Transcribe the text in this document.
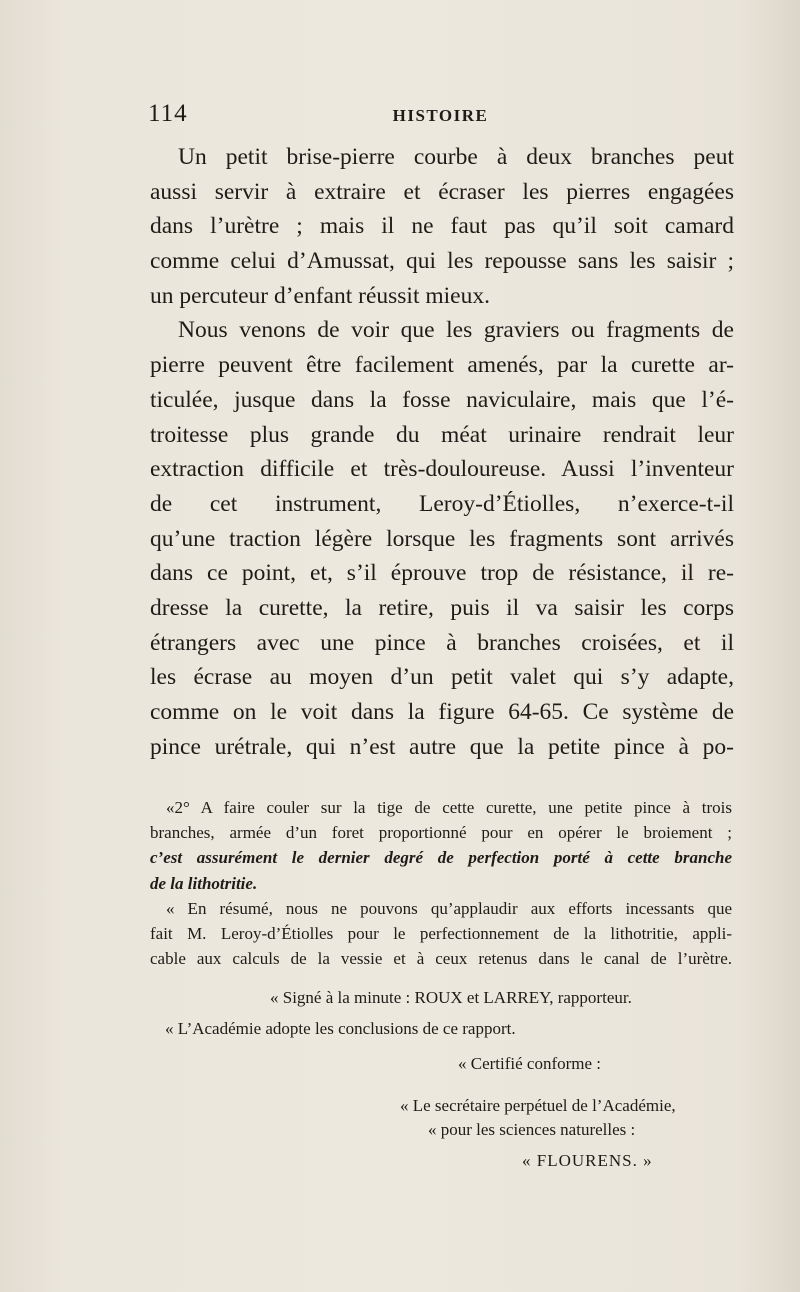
114	HISTOIRE
Un petit brise-pierre courbe à deux branches peut
aussi servir à extraire et écraser les pierres engagées
dans l’urètre ; mais il ne faut pas qu’il soit camard
comme celui d’Amussat, qui les repousse sans les saisir ;
un percuteur d’enfant réussit mieux.
Nous venons de voir que les graviers ou fragments de
pierre peuvent être facilement amenés, par la curette ar-
ticulée, jusque dans la fosse naviculaire, mais que l’é-
troitesse plus grande du méat urinaire rendrait leur
extraction difficile et très-douloureuse. Aussi l’inventeur
de cet instrument, Leroy-d’Étiolles, n’exerce-t-il
qu’une traction légère lorsque les fragments sont arrivés
dans ce point, et, s’il éprouve trop de résistance, il re-
dresse la curette, la retire, puis il va saisir les corps
étrangers avec une pince à branches croisées, et il
les écrase au moyen d’un petit valet qui s’y adapte,
comme on le voit dans la figure 64-65. Ce système de
pince urétrale, qui n’est autre que la petite pince à po-
«2° A faire couler sur la tige de cette curette, une petite pince à trois
branches, armée d’un foret proportionné pour en opérer le broiement ;
c’est assurément le dernier degré de perfection porté à cette branche
de la lithotritie.
« En résumé, nous ne pouvons qu’applaudir aux efforts incessants que
fait M. Leroy-d’Étiolles pour le perfectionnement de la lithotritie, appli-
cable aux calculs de la vessie et à ceux retenus dans le canal de l’urètre.
« Signé à la minute : ROUX et LARREY, rapporteur.
« L’Académie adopte les conclusions de ce rapport.
« Certifié conforme :
« Le secrétaire perpétuel de l’Académie,
« pour les sciences naturelles :
« FLOURENS. »
